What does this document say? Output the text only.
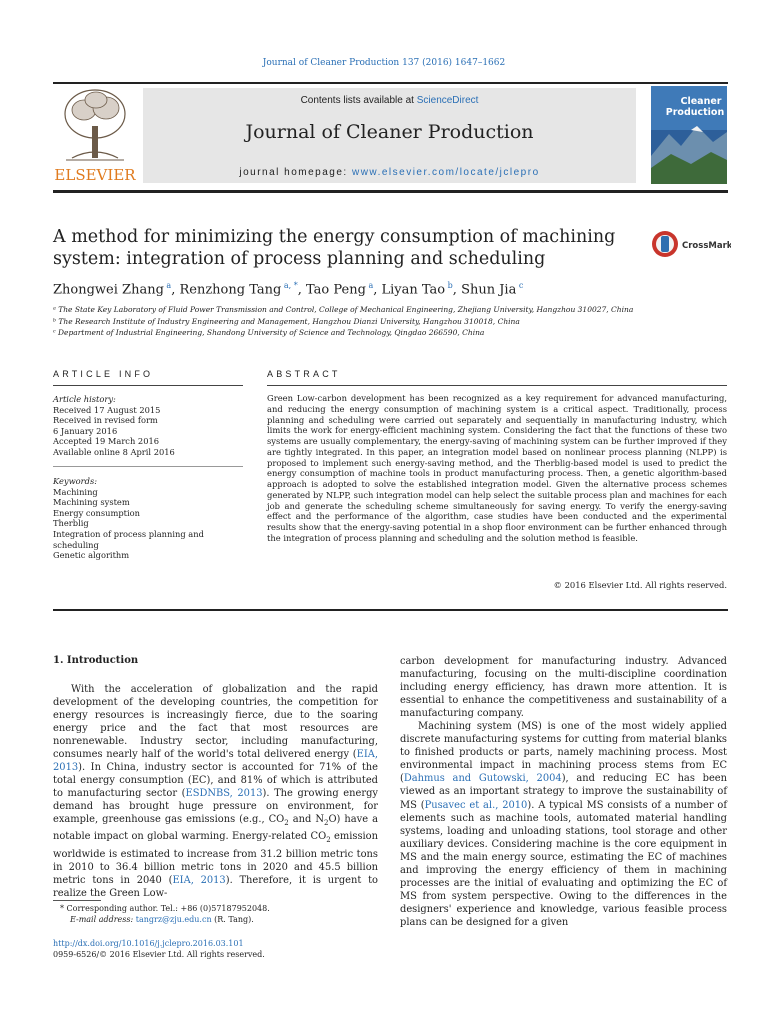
Journal of Cleaner Production 137 (2016) 1647–1662
ELSEVIER
Contents lists available at ScienceDirect
Journal of Cleaner Production
journal homepage: www.elsevier.com/locate/jclepro
Cleaner
Production
A method for minimizing the energy consumption of machining
system: integration of process planning and scheduling
CrossMark
Zhongwei Zhang $^a$, Renzhong Tang $^{a, *}$, Tao Peng $^a$, Liyan Tao $^b$, Shun Jia $^c$
ᵃ The State Key Laboratory of Fluid Power Transmission and Control, College of Mechanical Engineering, Zhejiang University, Hangzhou 310027, China
ᵇ The Research Institute of Industry Engineering and Management, Hangzhou Dianzi University, Hangzhou 310018, China
ᶜ Department of Industrial Engineering, Shandong University of Science and Technology, Qingdao 266590, China
ARTICLE INFO
Article history:
Received 17 August 2015
Received in revised form
6 January 2016
Accepted 19 March 2016
Available online 8 April 2016
Keywords:
Machining
Machining system
Energy consumption
Therblig
Integration of process planning and
scheduling
Genetic algorithm
ABSTRACT
Green Low-carbon development has been recognized as a key requirement for advanced manufacturing, and reducing the energy consumption of machining system is a critical aspect. Traditionally, process planning and scheduling were carried out separately and sequentially in manufacturing industry, which limits the work for energy-efficient machining system. Considering the fact that the functions of these two systems are usually complementary, the energy-saving of machining system can be further improved if they are tightly integrated. In this paper, an integration model based on nonlinear process planning (NLPP) is proposed to implement such energy-saving method, and the Therblig-based model is used to predict the energy consumption of machine tools in product manufacturing process. Then, a genetic algorithm-based approach is adopted to solve the established integration model. Given the alternative process schemes generated by NLPP, such integration model can help select the suitable process plan and machines for each job and generate the scheduling scheme simultaneously for saving energy. To verify the energy-saving effect and the performance of the algorithm, case studies have been conducted and the experimental results show that the energy-saving potential in a shop floor environment can be further enhanced through the integration of process planning and scheduling and the solution method is feasible.
© 2016 Elsevier Ltd. All rights reserved.
1. Introduction

With the acceleration of globalization and the rapid development of the developing countries, the competition for energy resources is increasingly fierce, due to the soaring energy price and the fact that most resources are nonrenewable. Industry sector, including manufacturing, consumes nearly half of the world's total delivered energy (EIA, 2013). In China, industry sector is accounted for 71% of the total energy consumption (EC), and 81% of which is attributed to manufacturing sector (ESDNBS, 2013). The growing energy demand has brought huge pressure on environment, for example, greenhouse gas emissions (e.g., $CO_2$ and $N_2O$) have a notable impact on global warming. Energy-related $CO_2$ emission worldwide is estimated to increase from 31.2 billion metric tons in 2010 to 36.4 billion metric tons in 2020 and 45.5 billion metric tons in 2040 (EIA, 2013). Therefore, it is urgent to realize the Green Low-

carbon development for manufacturing industry. Advanced manufacturing, focusing on the multi-discipline coordination including energy efficiency, has drawn more attention. It is essential to enhance the competitiveness and sustainability of a manufacturing company.

Machining system (MS) is one of the most widely applied discrete manufacturing systems for cutting from material blanks to finished products or parts, namely machining process. Most environmental impact in machining process stems from EC (Dahmus and Gutowski, 2004), and reducing EC has been viewed as an important strategy to improve the sustainability of MS (Pusavec et al., 2010). A typical MS consists of a number of elements such as machine tools, automated material handling systems, loading and unloading stations, tool storage and other auxiliary devices. Considering machine is the core equipment in MS and the main energy source, estimating the EC of machines and improving the energy efficiency of them in machining processes are the initial of evaluating and optimizing the EC of MS from system perspective. Owing to the differences in the designers' experience and knowledge, various feasible process plans can be designed for a given

* Corresponding author. Tel.: +86 (0)57187952048.
E-mail address: tangrz@zju.edu.cn (R. Tang).
http://dx.doi.org/10.1016/j.jclepro.2016.03.101
0959-6526/© 2016 Elsevier Ltd. All rights reserved.
